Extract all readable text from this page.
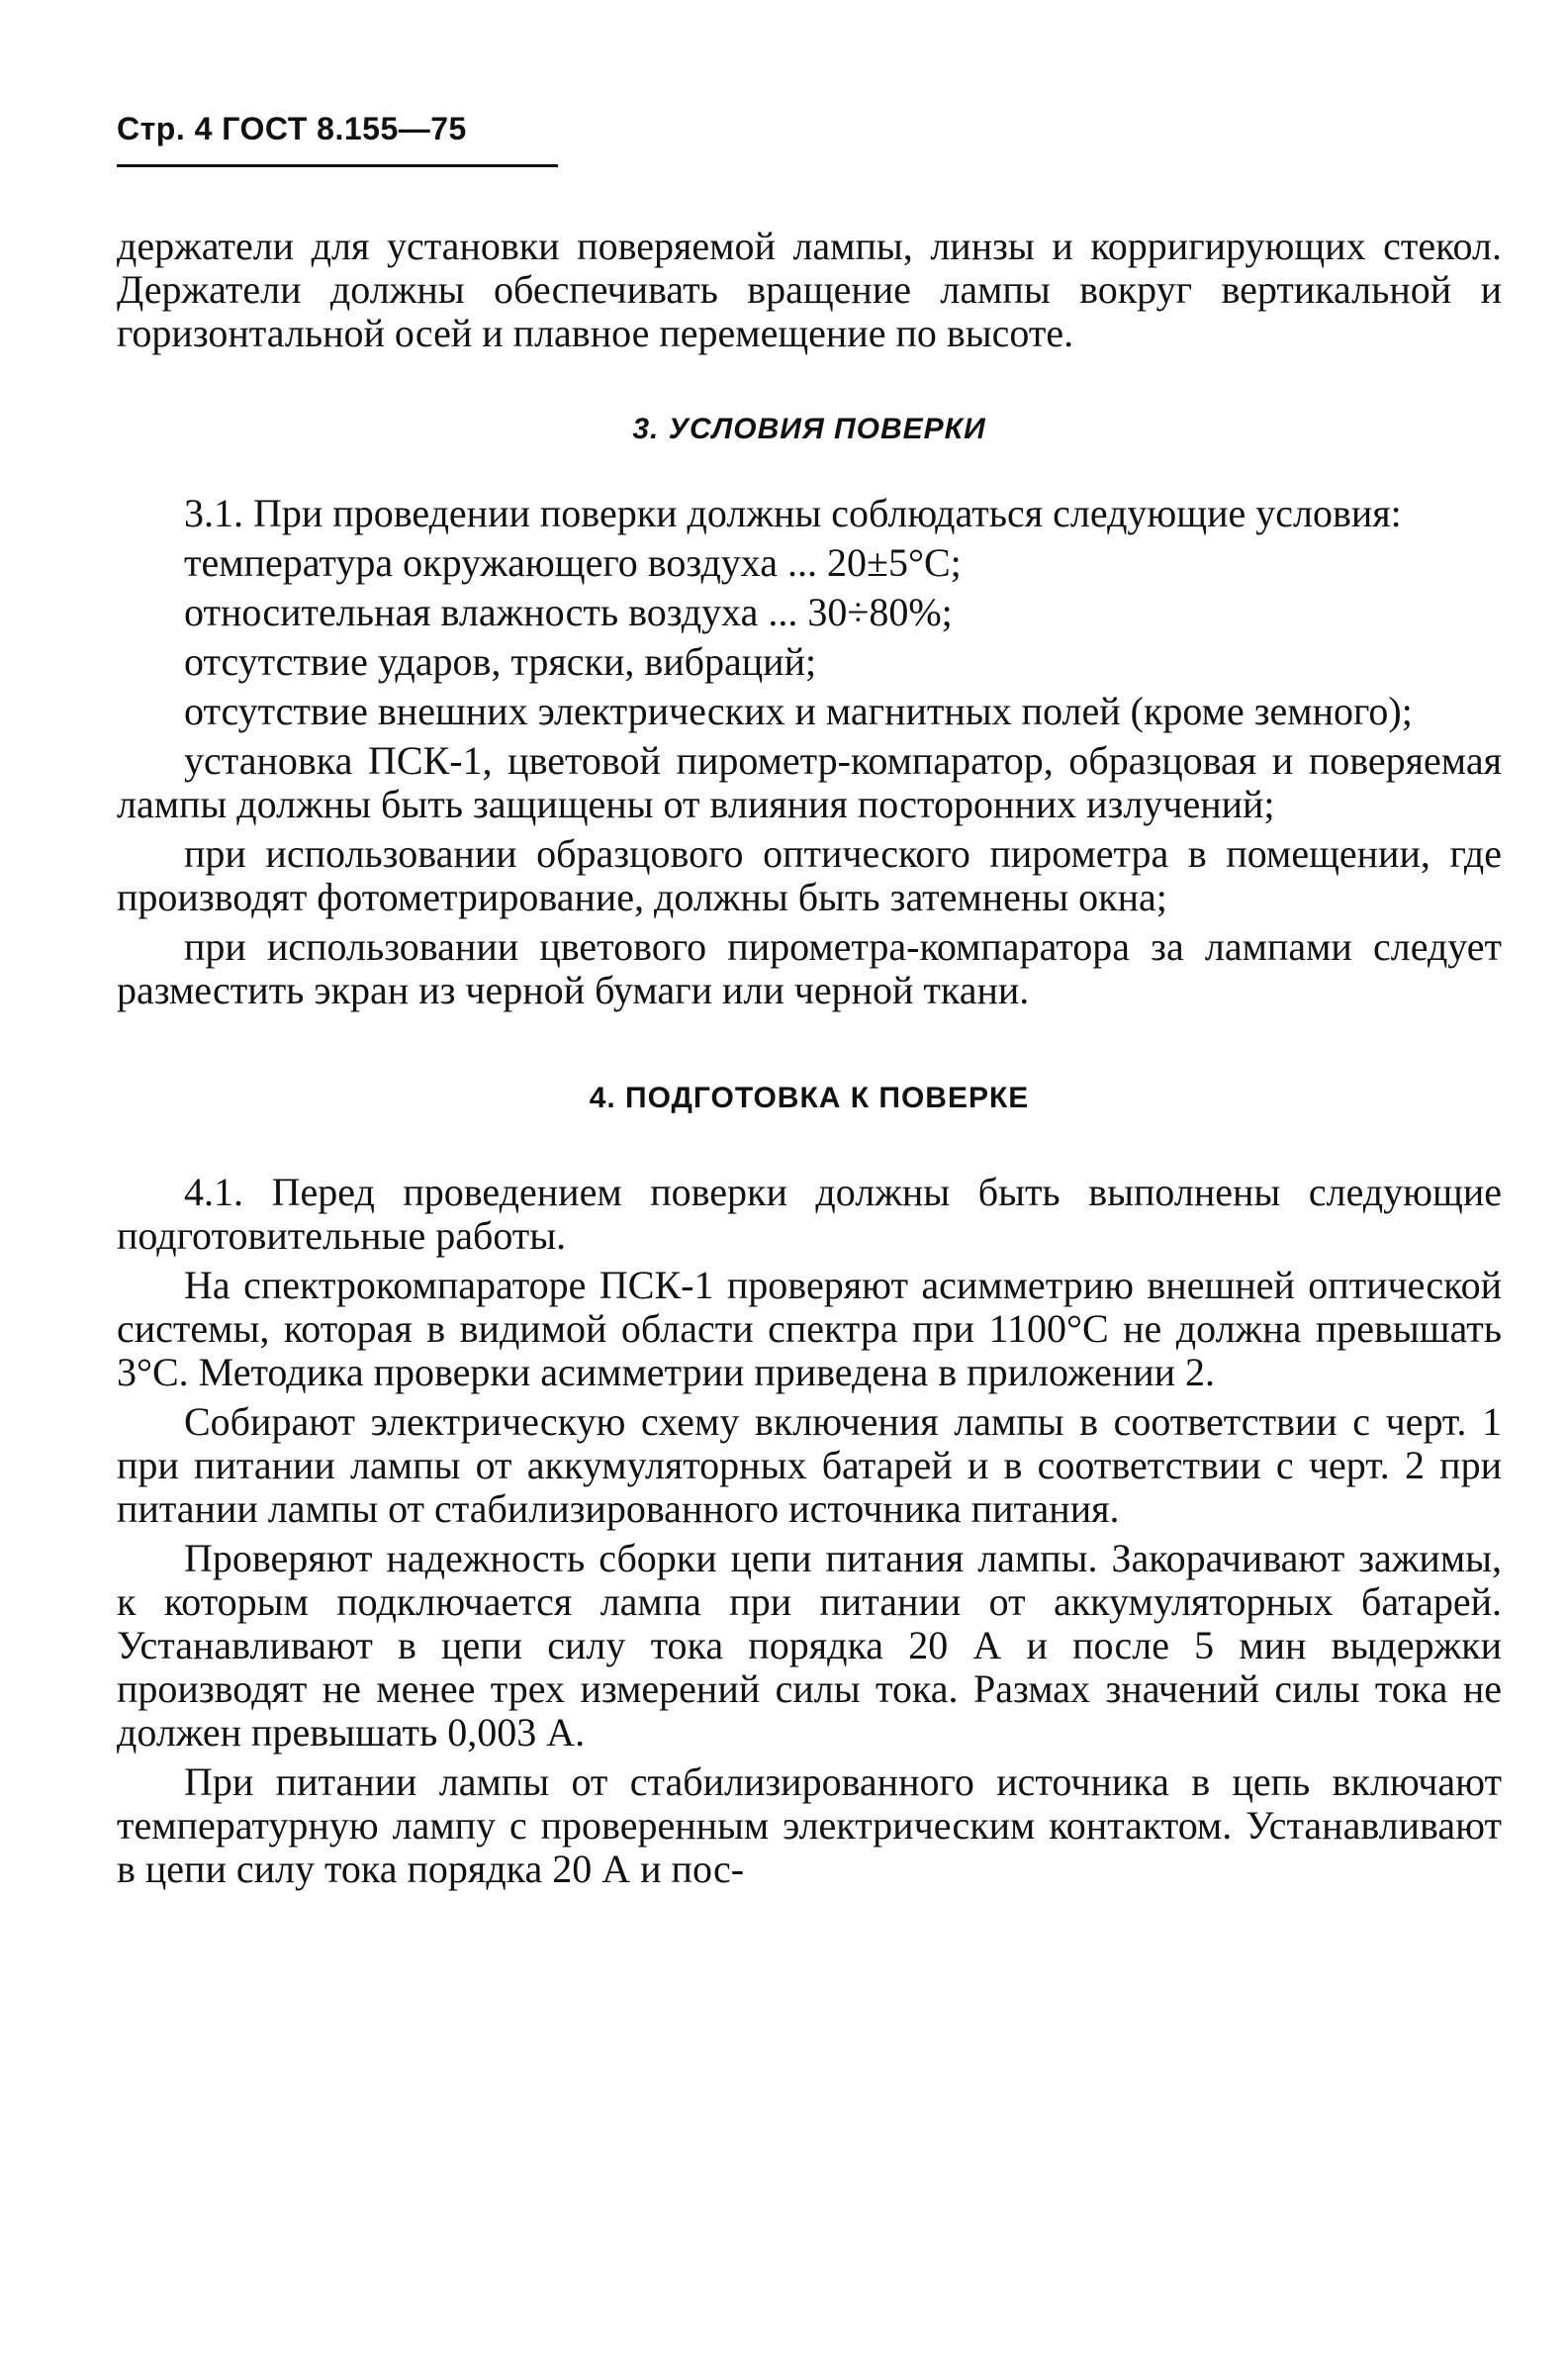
Стр. 4 ГОСТ 8.155—75

держатели для установки поверяемой лампы, линзы и корригирующих стекол. Держатели должны обеспечивать вращение лампы вокруг вертикальной и горизонтальной осей и плавное перемещение по высоте.

3. УСЛОВИЯ ПОВЕРКИ

3.1. При проведении поверки должны соблюдаться следующие условия:

температура окружающего воздуха ... 20±5°С;

относительная влажность воздуха ... 30÷80%;

отсутствие ударов, тряски, вибраций;

отсутствие внешних электрических и магнитных полей (кроме земного);

установка ПСК-1, цветовой пирометр-компаратор, образцовая и поверяемая лампы должны быть защищены от влияния посторонних излучений;

при использовании образцового оптического пирометра в помещении, где производят фотометрирование, должны быть затемнены окна;

при использовании цветового пирометра-компаратора за лампами следует разместить экран из черной бумаги или черной ткани.

4. ПОДГОТОВКА К ПОВЕРКЕ

4.1. Перед проведением поверки должны быть выполнены следующие подготовительные работы.

На спектрокомпараторе ПСК-1 проверяют асимметрию внешней оптической системы, которая в видимой области спектра при 1100°С не должна превышать 3°С. Методика проверки асимметрии приведена в приложении 2.

Собирают электрическую схему включения лампы в соответствии с черт. 1 при питании лампы от аккумуляторных батарей и в соответствии с черт. 2 при питании лампы от стабилизированного источника питания.

Проверяют надежность сборки цепи питания лампы. Закорачивают зажимы, к которым подключается лампа при питании от аккумуляторных батарей. Устанавливают в цепи силу тока порядка 20 А и после 5 мин выдержки производят не менее трех измерений силы тока. Размах значений силы тока не должен превышать 0,003 А.

При питании лампы от стабилизированного источника в цепь включают температурную лампу с проверенным электрическим контактом. Устанавливают в цепи силу тока порядка 20 А и пос-
